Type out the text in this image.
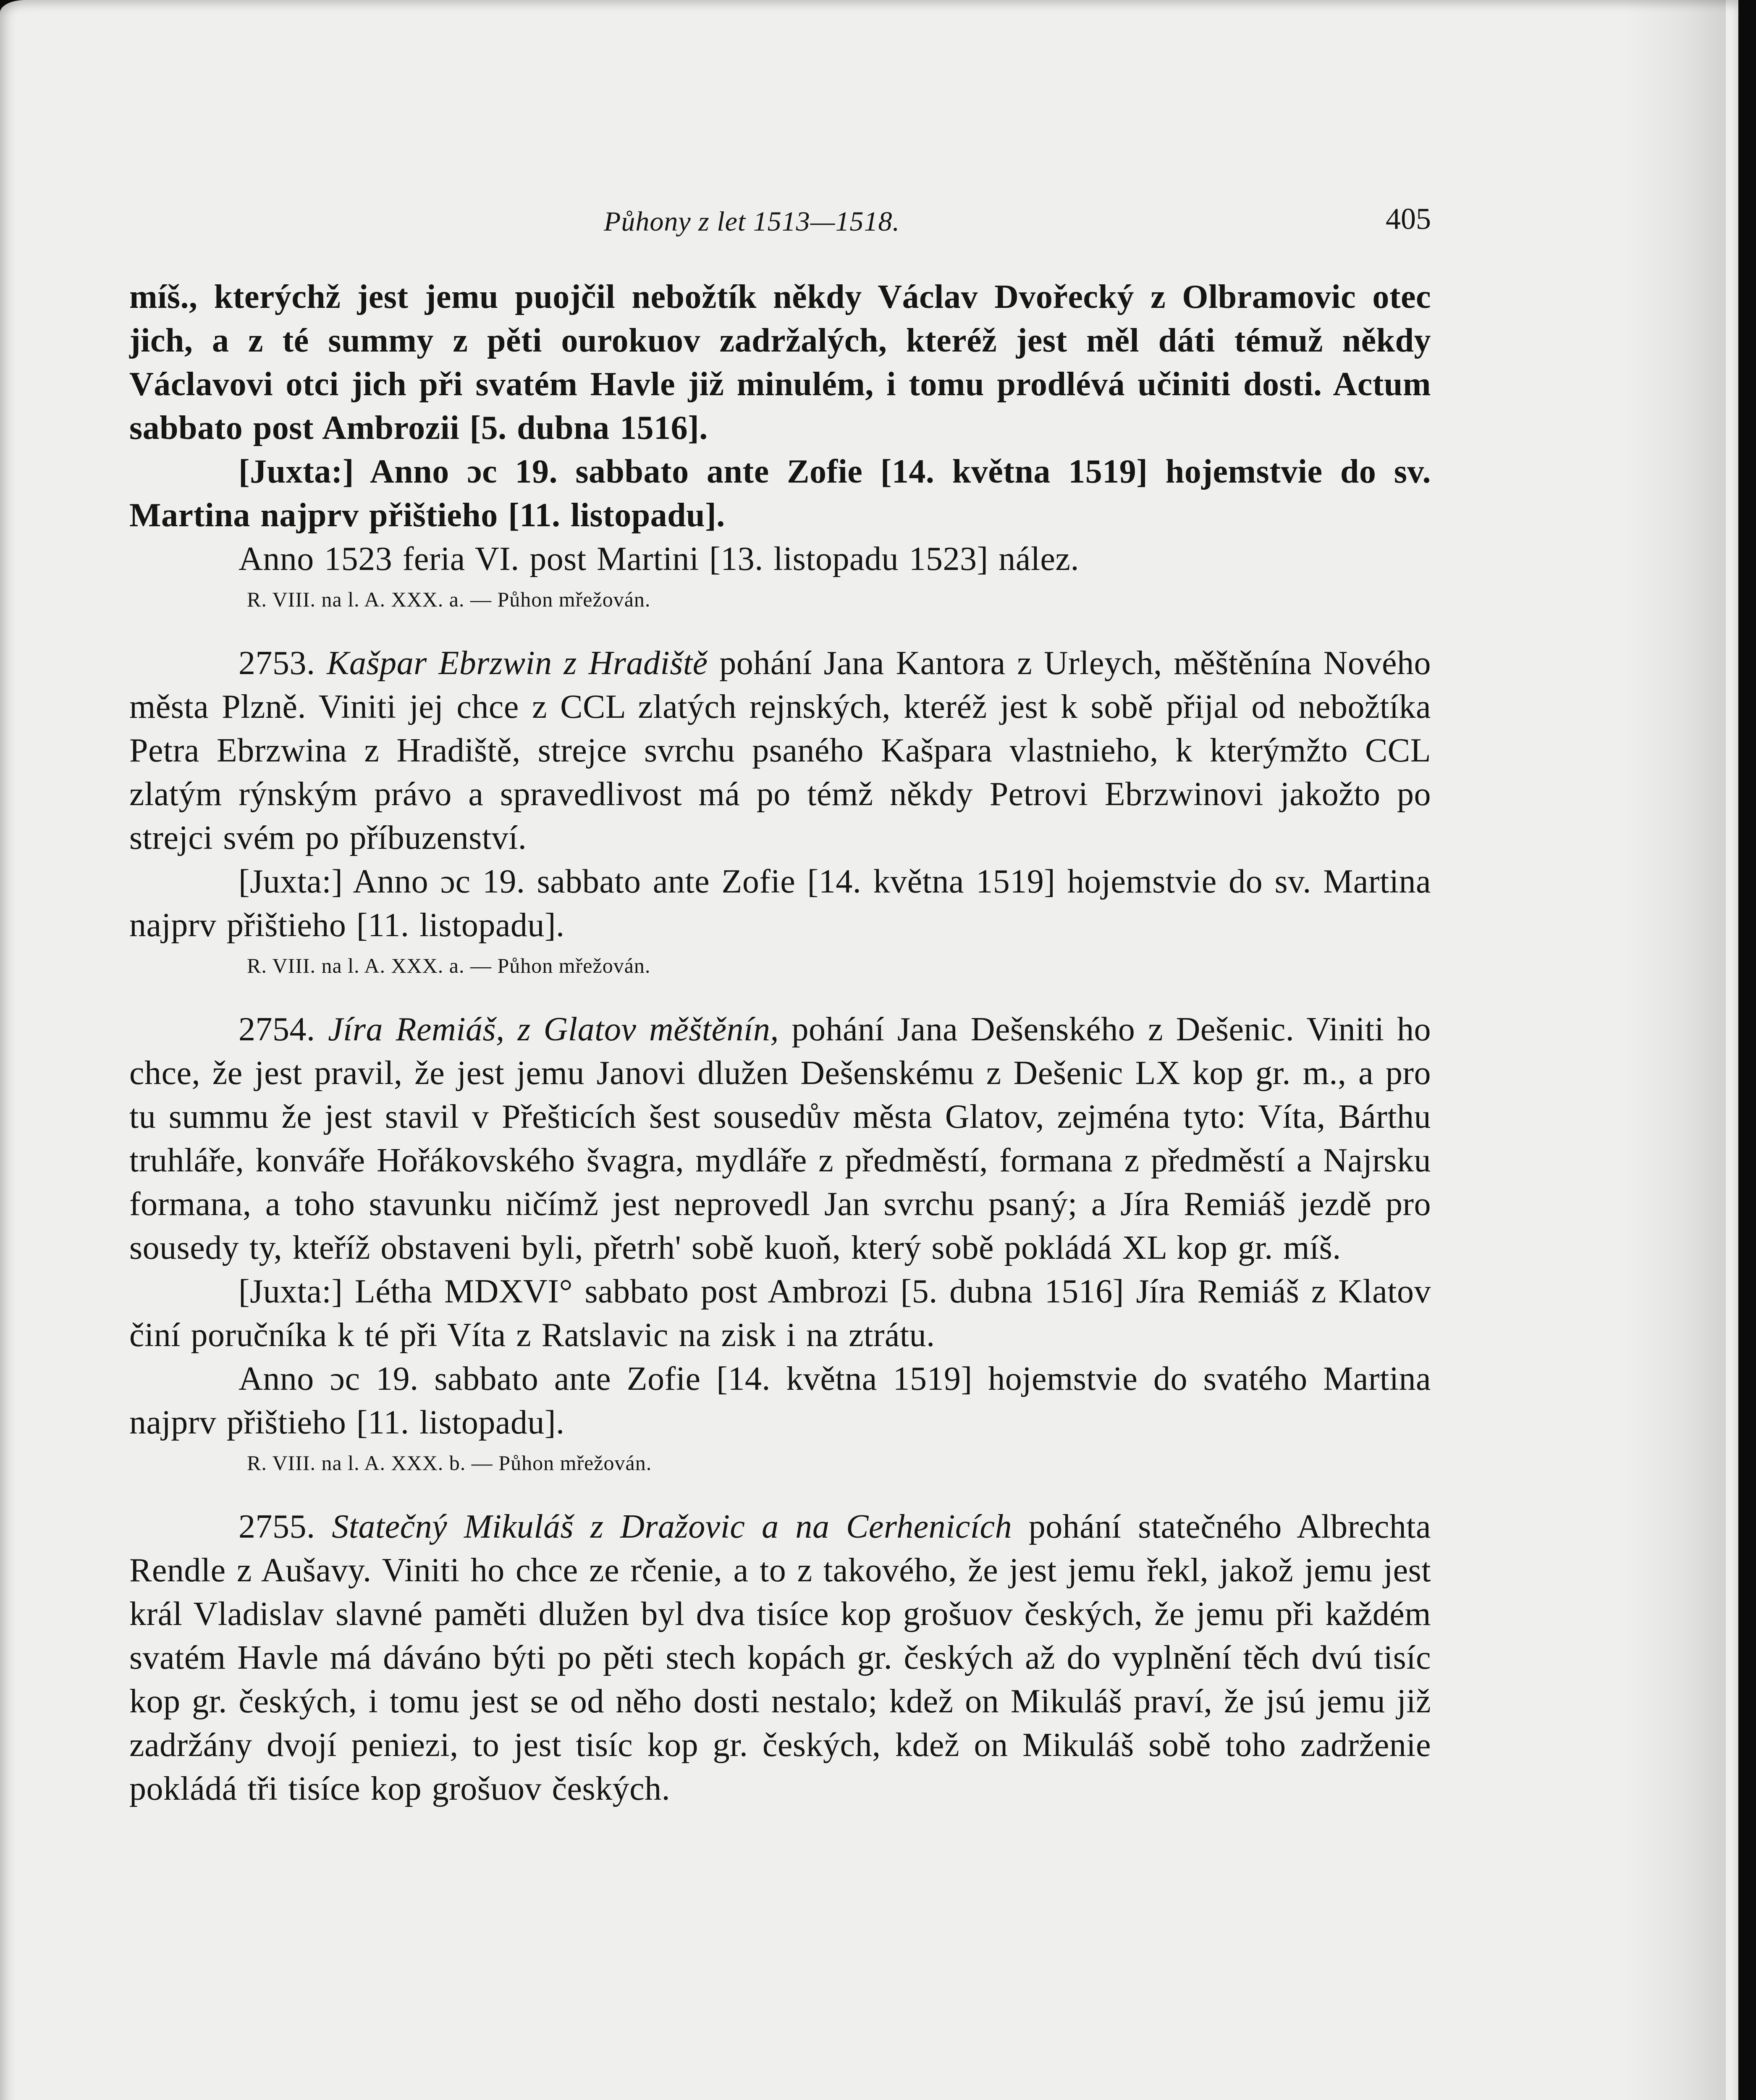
Půhony z let 1513—1518.	405

míš., kterýchž jest jemu puojčil nebožtík někdy Václav Dvořecký z Olbramovic otec jich, a z té summy z pěti ourokuov zadržalých, kteréž jest měl dáti témuž někdy Václavovi otci jich při svatém Havle již minulém, i tomu prodlévá učiniti dosti. Actum sabbato post Ambrozii [5. dubna 1516].

[Juxta:] Anno ɔc 19. sabbato ante Zofie [14. května 1519] hojemstvie do sv. Martina najprv přištieho [11. listopadu].

Anno 1523 feria VI. post Martini [13. listopadu 1523] nález.

R. VIII. na l. A. XXX. a. — Půhon mřežován.

2753. Kašpar Ebrzwin z Hradiště pohání Jana Kantora z Urleych, měštěnína Nového města Plzně. Viniti jej chce z CCL zlatých rejnských, kteréž jest k sobě přijal od nebožtíka Petra Ebrzwina z Hradiště, strejce svrchu psaného Kašpara vlastnieho, k kterýmžto CCL zlatým rýnským právo a spravedlivost má po témž někdy Petrovi Ebrzwinovi jakožto po strejci svém po příbuzenství.

[Juxta:] Anno ɔc 19. sabbato ante Zofie [14. května 1519] hojemstvie do sv. Martina najprv přištieho [11. listopadu].

R. VIII. na l. A. XXX. a. — Půhon mřežován.

2754. Jíra Remiáš, z Glatov měštěnín, pohání Jana Dešenského z Dešenic. Viniti ho chce, že jest pravil, že jest jemu Janovi dlužen Dešenskému z Dešenic LX kop gr. m., a pro tu summu že jest stavil v Přešticích šest sousedův města Glatov, zejména tyto: Víta, Bárthu truhláře, konváře Hořákovského švagra, mydláře z předměstí, formana z předměstí a Najrsku formana, a toho stavunku ničímž jest neprovedl Jan svrchu psaný; a Jíra Remiáš jezdě pro sousedy ty, kteříž obstaveni byli, přetrh' sobě kuoň, který sobě pokládá XL kop gr. míš.

[Juxta:] Létha MDXVI° sabbato post Ambrozi [5. dubna 1516] Jíra Remiáš z Klatov činí poručníka k té při Víta z Ratslavic na zisk i na ztrátu.

Anno ɔc 19. sabbato ante Zofie [14. května 1519] hojemstvie do svatého Martina najprv přištieho [11. listopadu].

R. VIII. na l. A. XXX. b. — Půhon mřežován.

2755. Statečný Mikuláš z Dražovic a na Cerhenicích pohání statečného Albrechta Rendle z Aušavy. Viniti ho chce ze rčenie, a to z takového, že jest jemu řekl, jakož jemu jest král Vladislav slavné paměti dlužen byl dva tisíce kop grošuov českých, že jemu při každém svatém Havle má dáváno býti po pěti stech kopách gr. českých až do vyplnění těch dvú tisíc kop gr. českých, i tomu jest se od něho dosti nestalo; kdež on Mikuláš praví, že jsú jemu již zadržány dvojí peniezi, to jest tisíc kop gr. českých, kdež on Mikuláš sobě toho zadrženie pokládá tři tisíce kop grošuov českých.
